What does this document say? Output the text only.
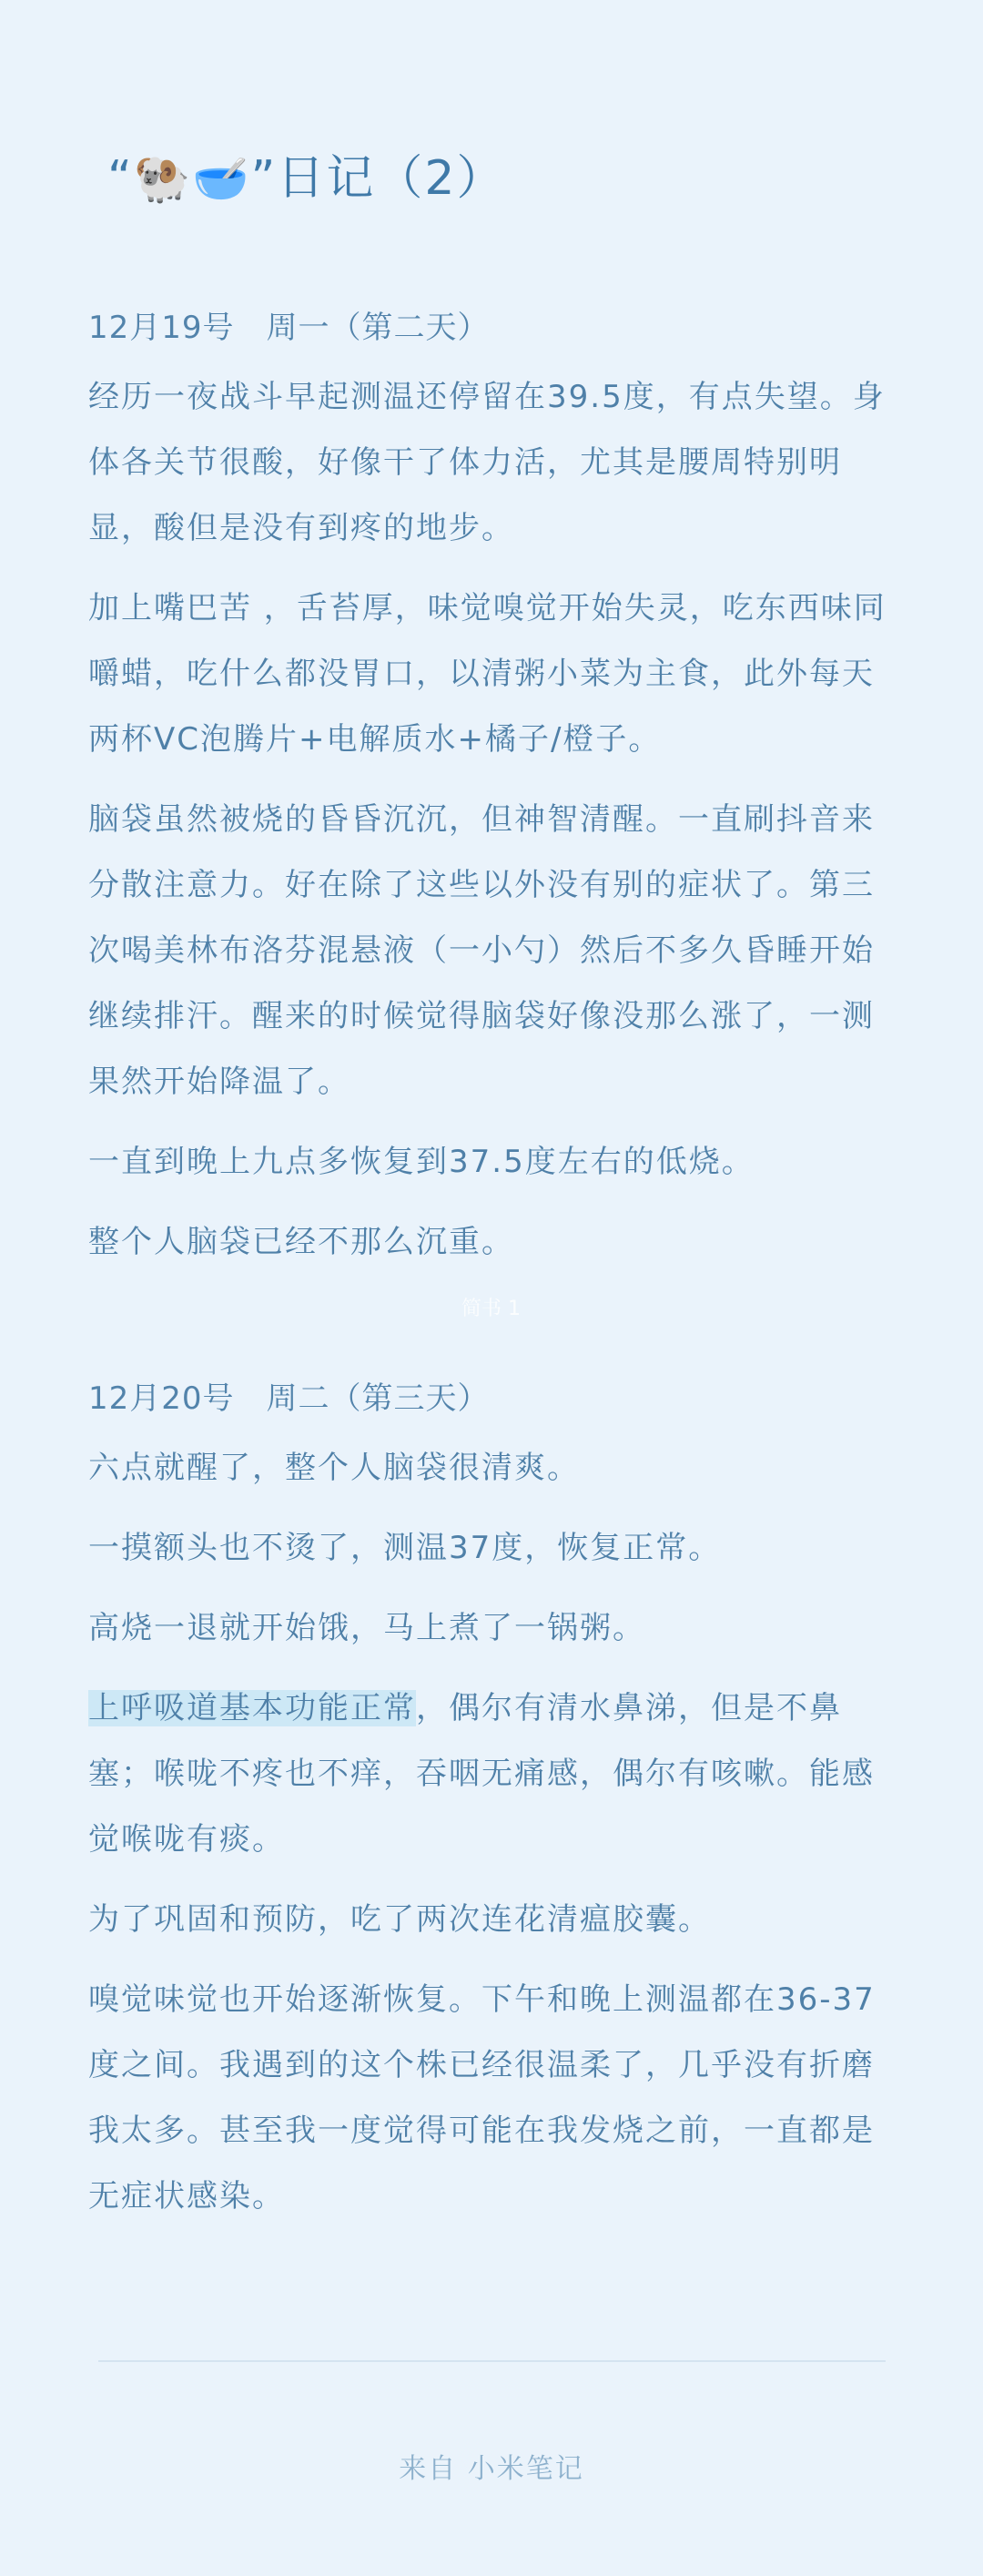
“🐏🥣”日记（2）

12月19号　周一（第二天）

经历一夜战斗早起测温还停留在39.5度，有点失望。身体各关节很酸，好像干了体力活，尤其是腰周特别明显，酸但是没有到疼的地步。

加上嘴巴苦 ，舌苔厚，味觉嗅觉开始失灵，吃东西味同嚼蜡，吃什么都没胃口，以清粥小菜为主食，此外每天两杯VC泡腾片+电解质水+橘子/橙子。

脑袋虽然被烧的昏昏沉沉，但神智清醒。一直刷抖音来分散注意力。好在除了这些以外没有别的症状了。第三次喝美林布洛芬混悬液（一小勺）然后不多久昏睡开始继续排汗。醒来的时候觉得脑袋好像没那么涨了，一测果然开始降温了。

一直到晚上九点多恢复到37.5度左右的低烧。

整个人脑袋已经不那么沉重。

简书 1

12月20号　周二（第三天）

六点就醒了，整个人脑袋很清爽。

一摸额头也不烫了，测温37度，恢复正常。

高烧一退就开始饿，马上煮了一锅粥。

上呼吸道基本功能正常，偶尔有清水鼻涕，但是不鼻塞；喉咙不疼也不痒，吞咽无痛感，偶尔有咳嗽。能感觉喉咙有痰。

为了巩固和预防，吃了两次连花清瘟胶囊。

嗅觉味觉也开始逐渐恢复。下午和晚上测温都在36-37度之间。我遇到的这个株已经很温柔了，几乎没有折磨我太多。甚至我一度觉得可能在我发烧之前，一直都是无症状感染。

来自 小米笔记
